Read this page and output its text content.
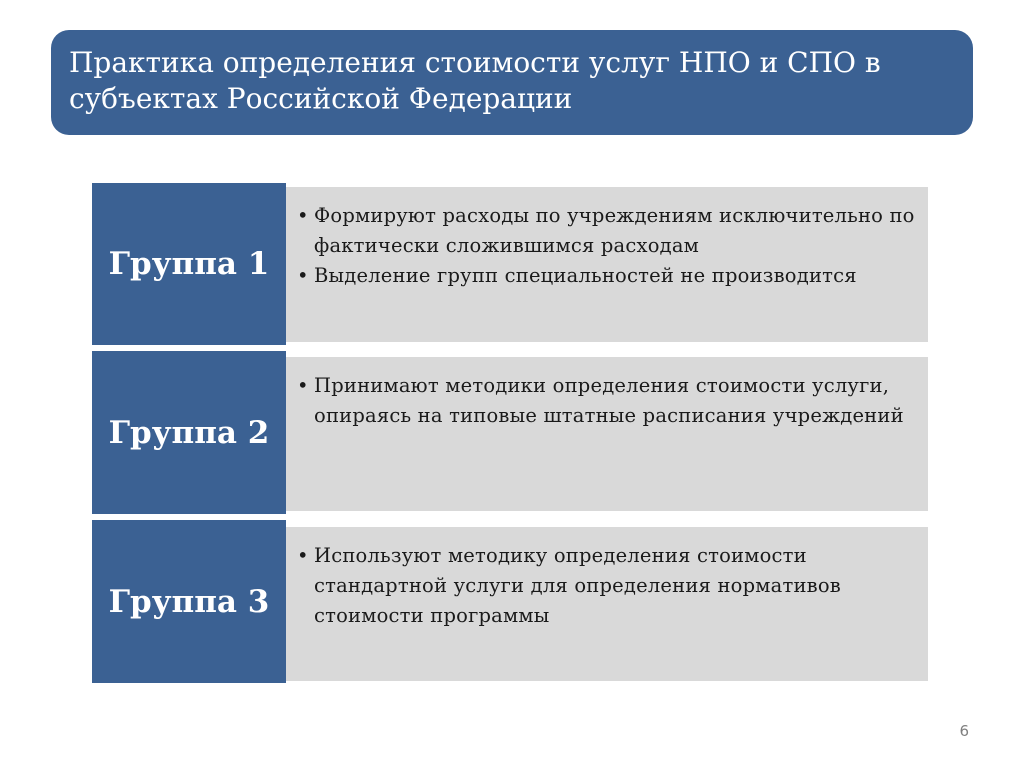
Практика определения стоимости услуг НПО и СПО в
субъектах Российской Федерации
Группа 1
• Формируют расходы по учреждениям исключительно по фактически сложившимся расходам
• Выделение групп специальностей не производится
Группа 2
• Принимают методики определения стоимости услуги, опираясь на типовые штатные расписания учреждений
Группа 3
• Используют методику определения стоимости стандартной услуги для определения нормативов стоимости программы
6
